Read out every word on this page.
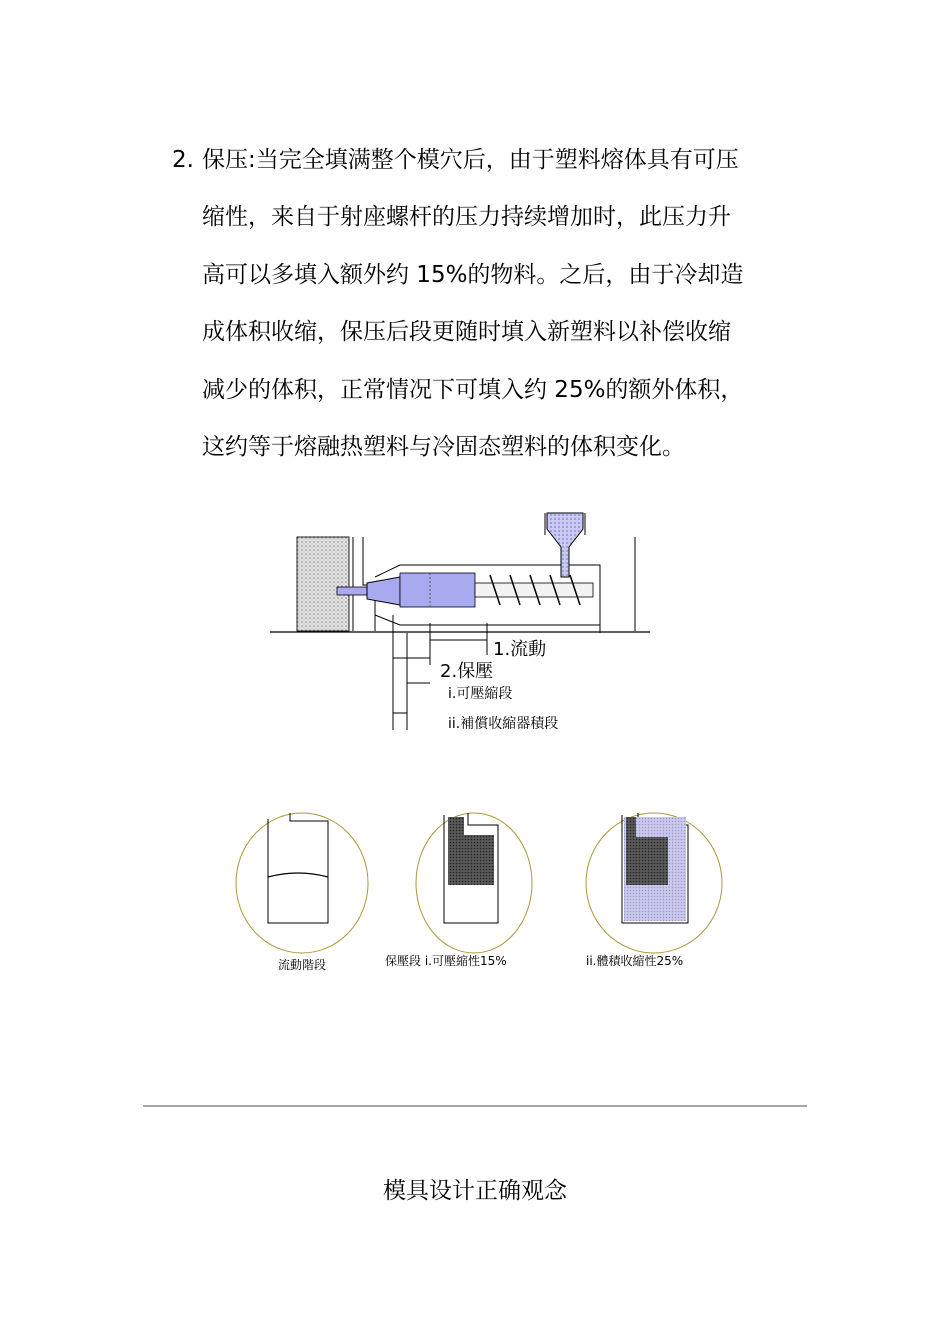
2. 保压:当完全填满整个模穴后，由于塑料熔体具有可压
缩性，来自于射座螺杆的压力持续增加时，此压力升
高可以多填入额外约 15%的物料。之后，由于冷却造
成体积收缩，保压后段更随时填入新塑料以补偿收缩
减少的体积，正常情况下可填入约 25%的额外体积，
这约等于熔融热塑料与冷固态塑料的体积变化。
1.流動
2.保壓
i.可壓縮段
ii.補償收縮器積段
流動階段	保壓段 i.可壓縮性15%	ii.體積收縮性25%
模具设计正确观念
